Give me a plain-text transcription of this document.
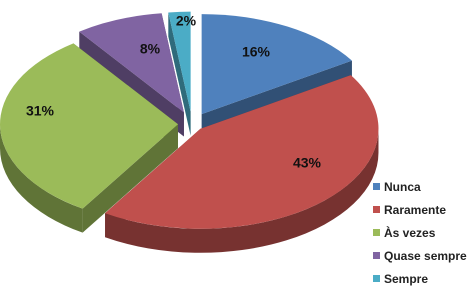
16%
43%
31%
8%
2%
Nunca
Raramente
Às vezes
Quase sempre
Sempre
